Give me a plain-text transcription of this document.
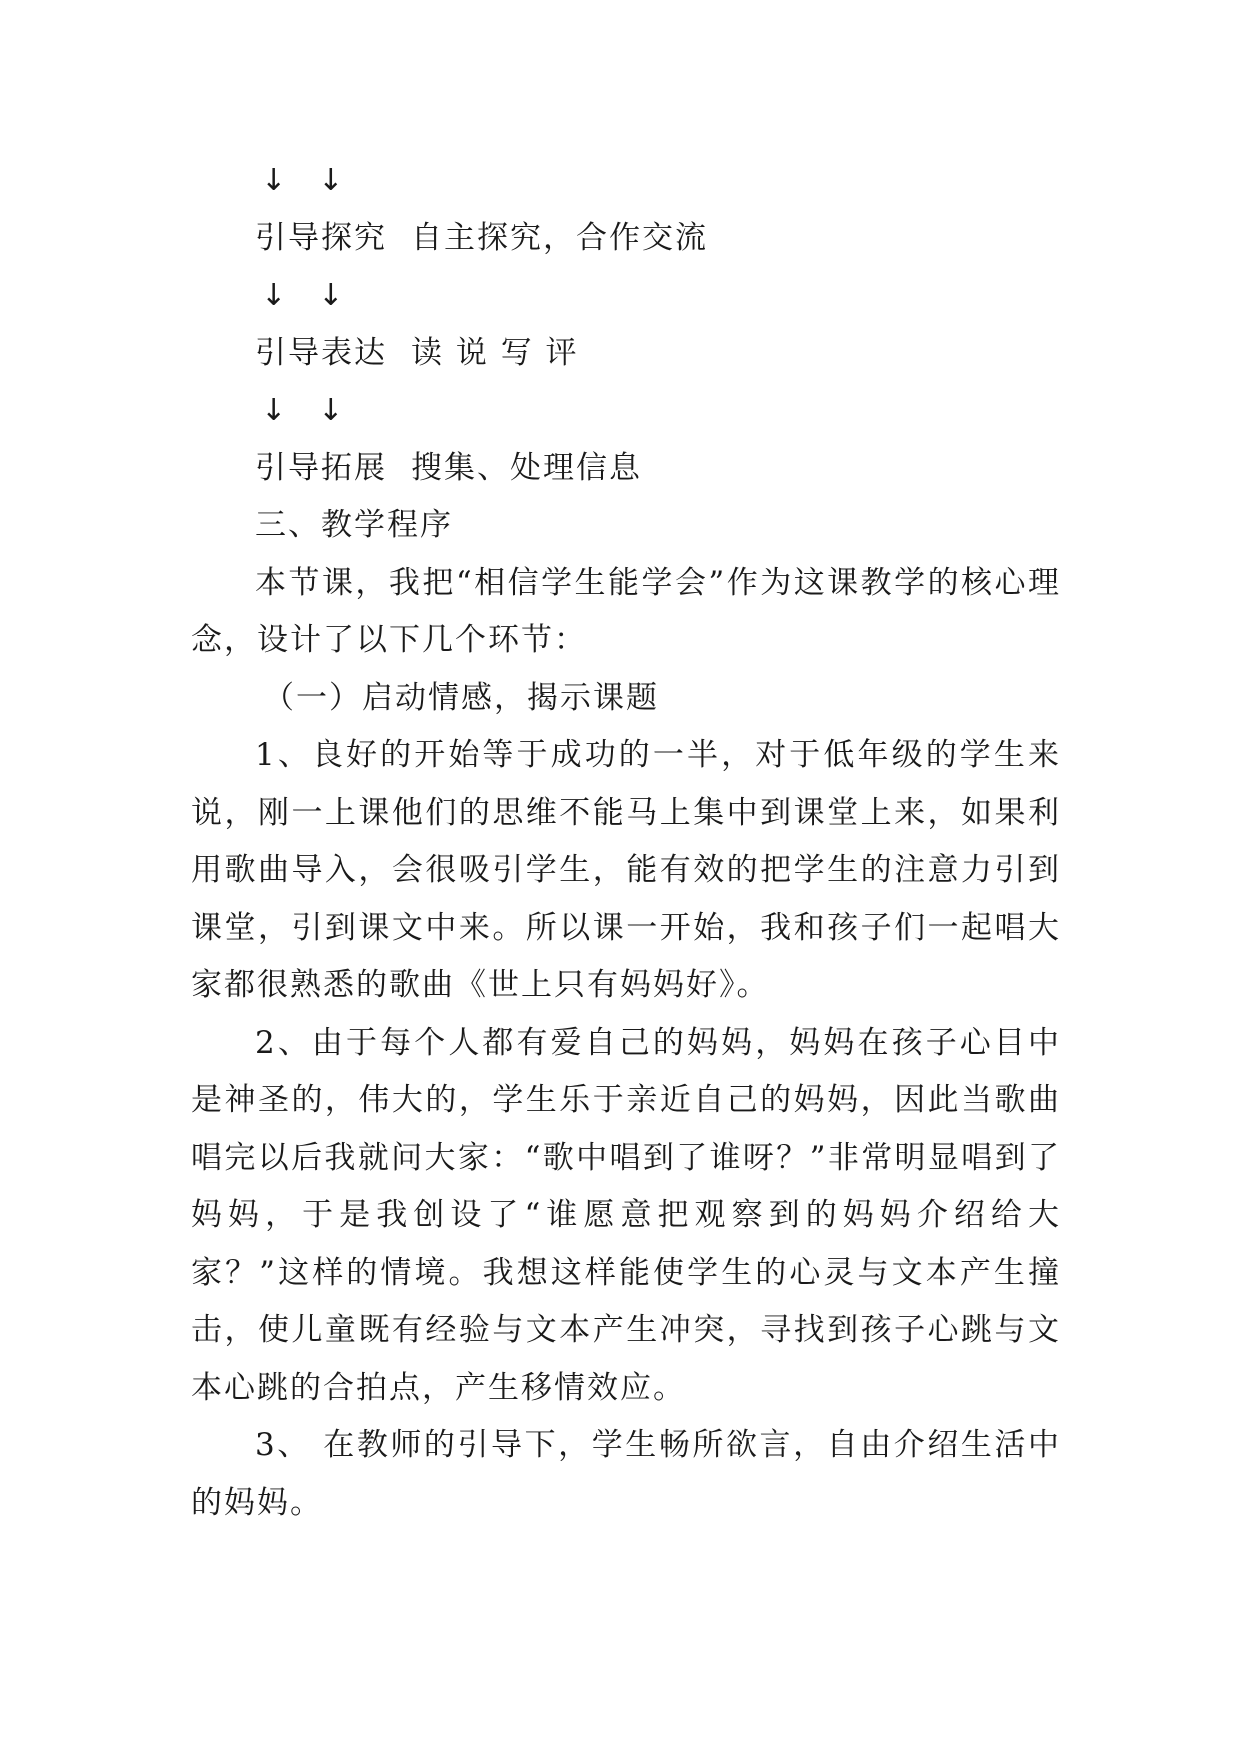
↓ ↓

引导探究 自主探究，合作交流

↓ ↓

引导表达 读 说 写 评

↓ ↓

引导拓展 搜集、处理信息

三、教学程序

本节课，我把“相信学生能学会”作为这课教学的核心理念，设计了以下几个环节：

（一）启动情感，揭示课题

1、良好的开始等于成功的一半，对于低年级的学生来说，刚一上课他们的思维不能马上集中到课堂上来，如果利用歌曲导入，会很吸引学生，能有效的把学生的注意力引到课堂，引到课文中来。所以课一开始，我和孩子们一起唱大家都很熟悉的歌曲《世上只有妈妈好》。

2、由于每个人都有爱自己的妈妈，妈妈在孩子心目中是神圣的，伟大的，学生乐于亲近自己的妈妈，因此当歌曲唱完以后我就问大家：“歌中唱到了谁呀？”非常明显唱到了妈妈，于是我创设了“谁愿意把观察到的妈妈介绍给大家？”这样的情境。我想这样能使学生的心灵与文本产生撞击，使儿童既有经验与文本产生冲突，寻找到孩子心跳与文本心跳的合拍点，产生移情效应。

3、 在教师的引导下，学生畅所欲言，自由介绍生活中的妈妈。
